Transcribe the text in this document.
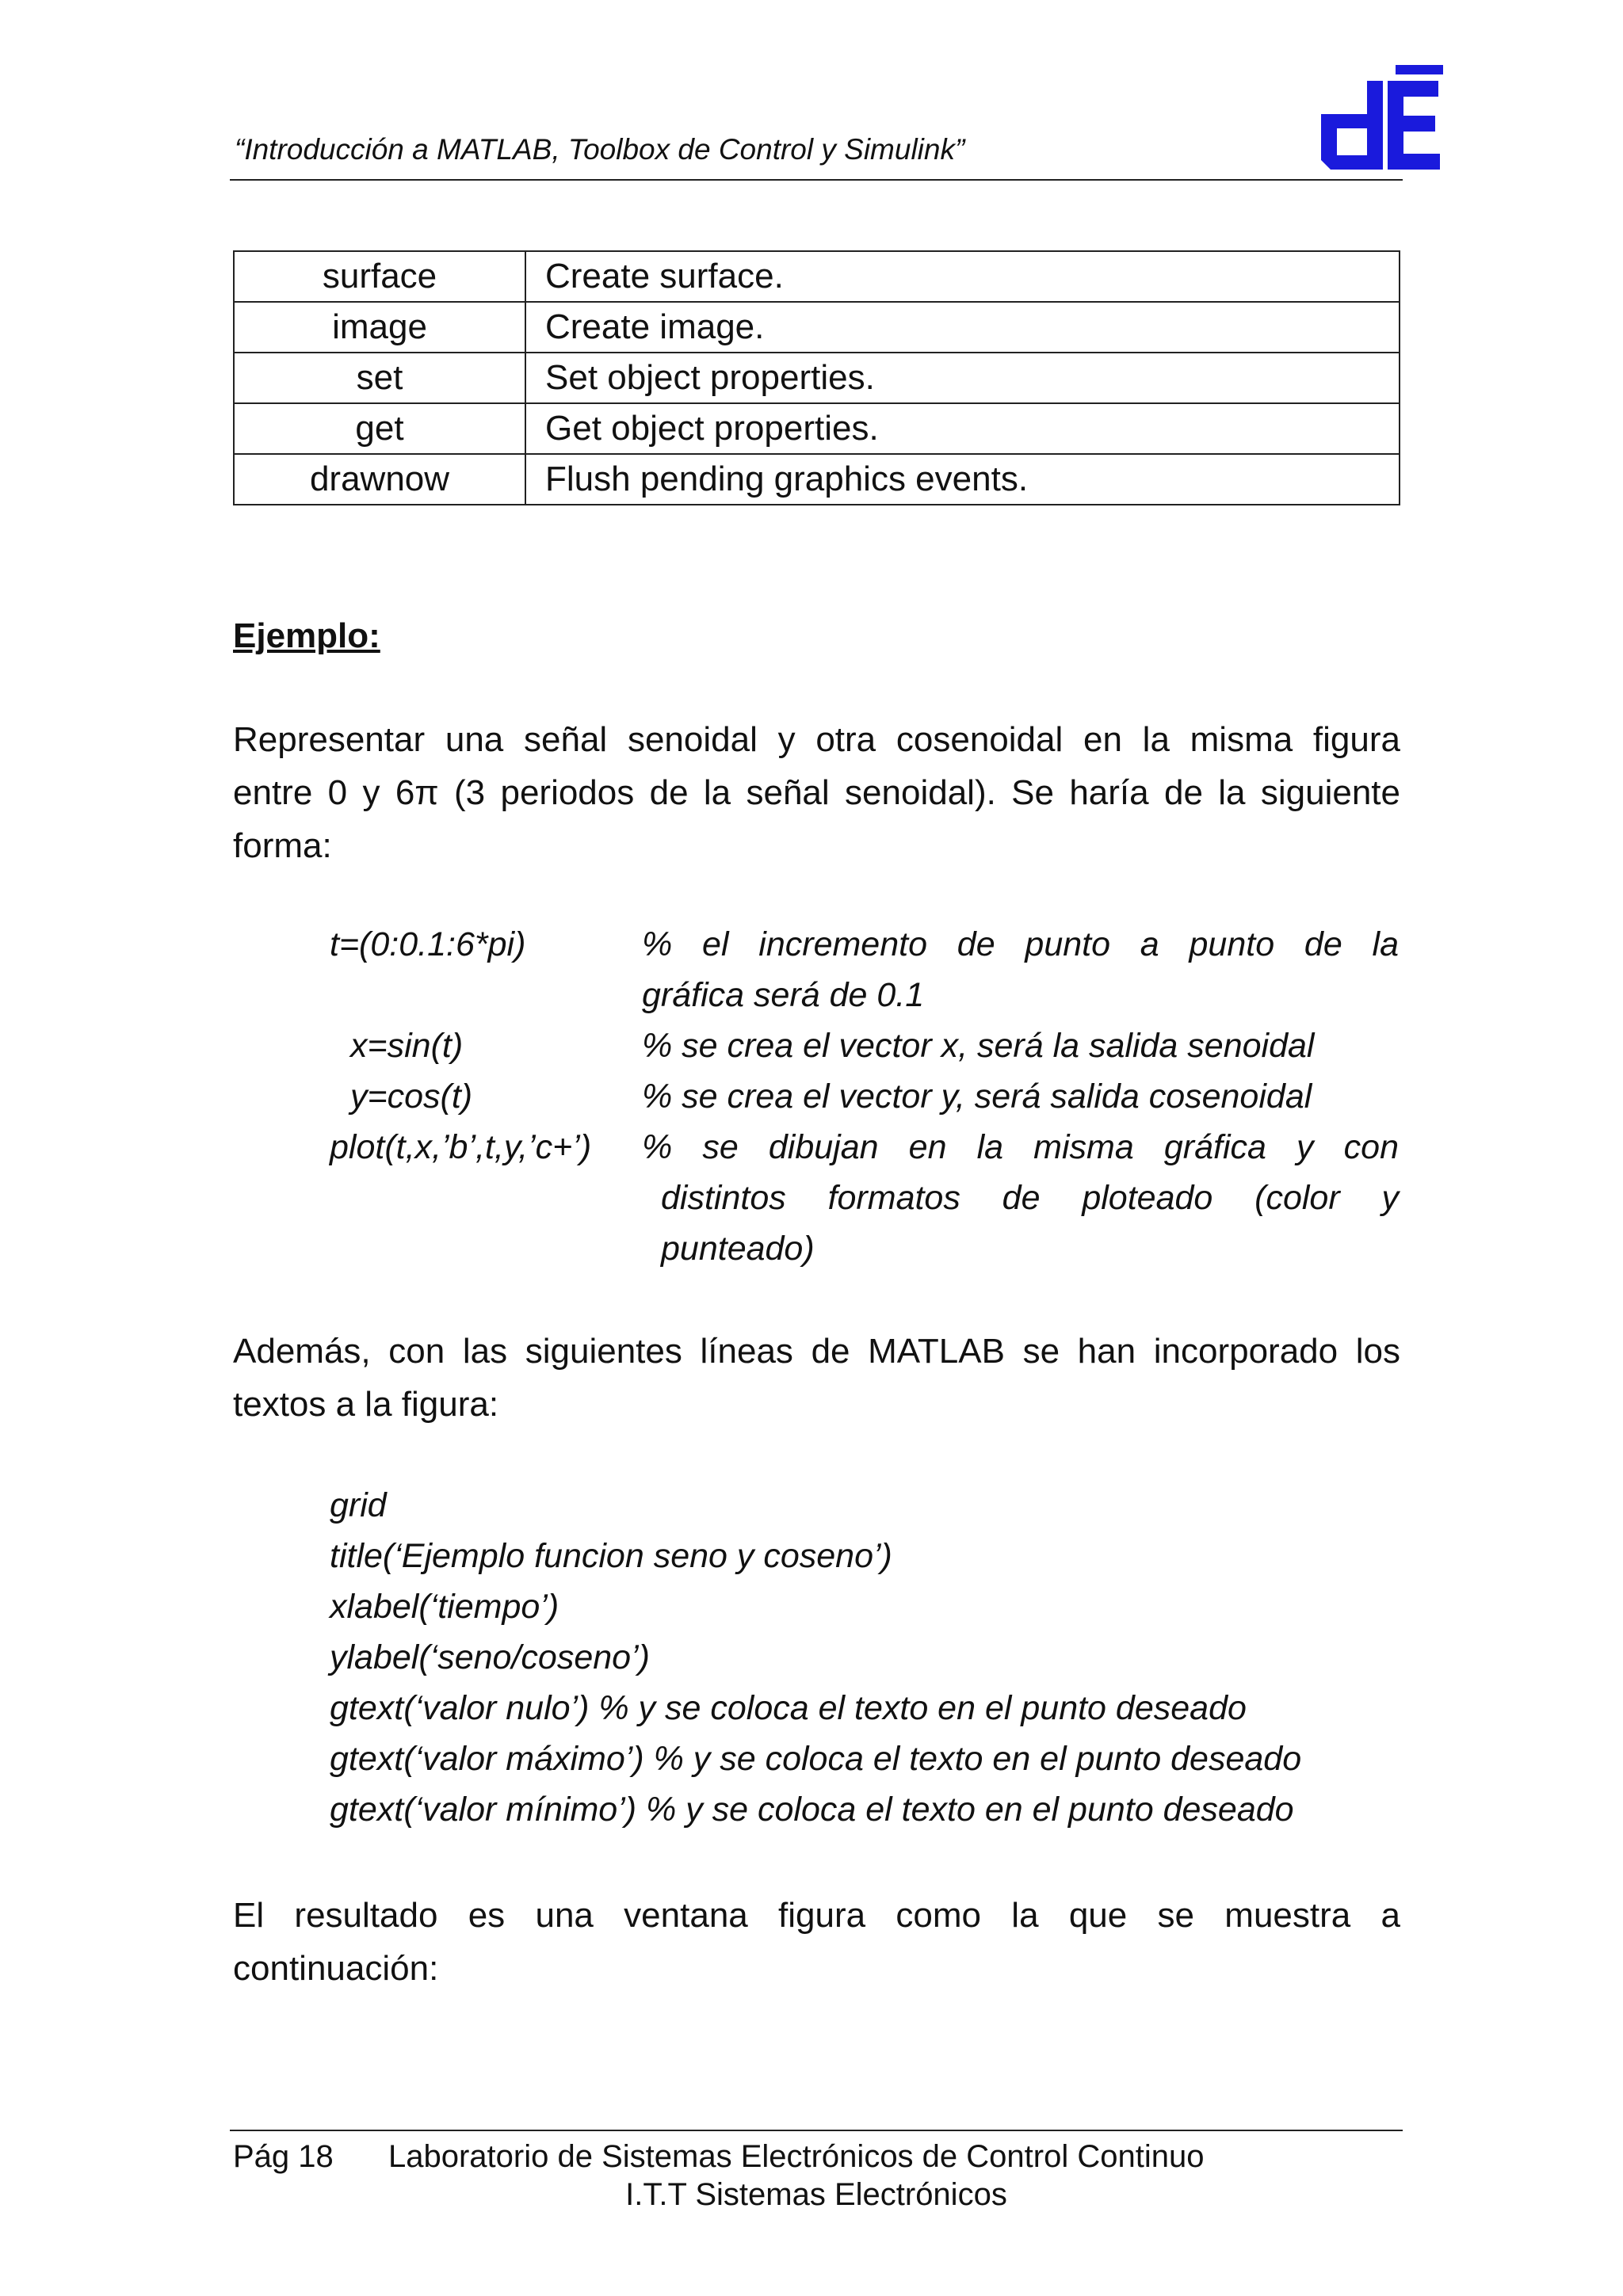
“Introducción a MATLAB, Toolbox de Control y Simulink”
surface	Create surface.
image	Create image.
set	Set object properties.
get	Get object properties.
drawnow	Flush pending graphics events.
Ejemplo:
Representar una señal senoidal y otra cosenoidal en la misma figura
entre 0 y 6π (3 periodos de la señal senoidal). Se haría de la siguiente
forma:
t=(0:0.1:6*pi)	% el incremento de punto a punto de la
gráfica será de 0.1
x=sin(t)	% se crea el vector x, será la salida senoidal
y=cos(t)	% se crea el vector y, será salida cosenoidal
plot(t,x,’b’,t,y,’c+’) % se dibujan en la misma gráfica y con
distintos formatos de ploteado (color y
punteado)
Además, con las siguientes líneas de MATLAB se han incorporado los
textos a la figura:
grid
title(‘Ejemplo funcion seno y coseno’)
xlabel(‘tiempo’)
ylabel(‘seno/coseno’)
gtext(‘valor nulo’) % y se coloca el texto en el punto deseado
gtext(‘valor máximo’) % y se coloca el texto en el punto deseado
gtext(‘valor mínimo’) % y se coloca el texto en el punto deseado
El resultado es una ventana figura como la que se muestra a
continuación:
Pág 18 Laboratorio de Sistemas Electrónicos de Control Continuo
I.T.T Sistemas Electrónicos
